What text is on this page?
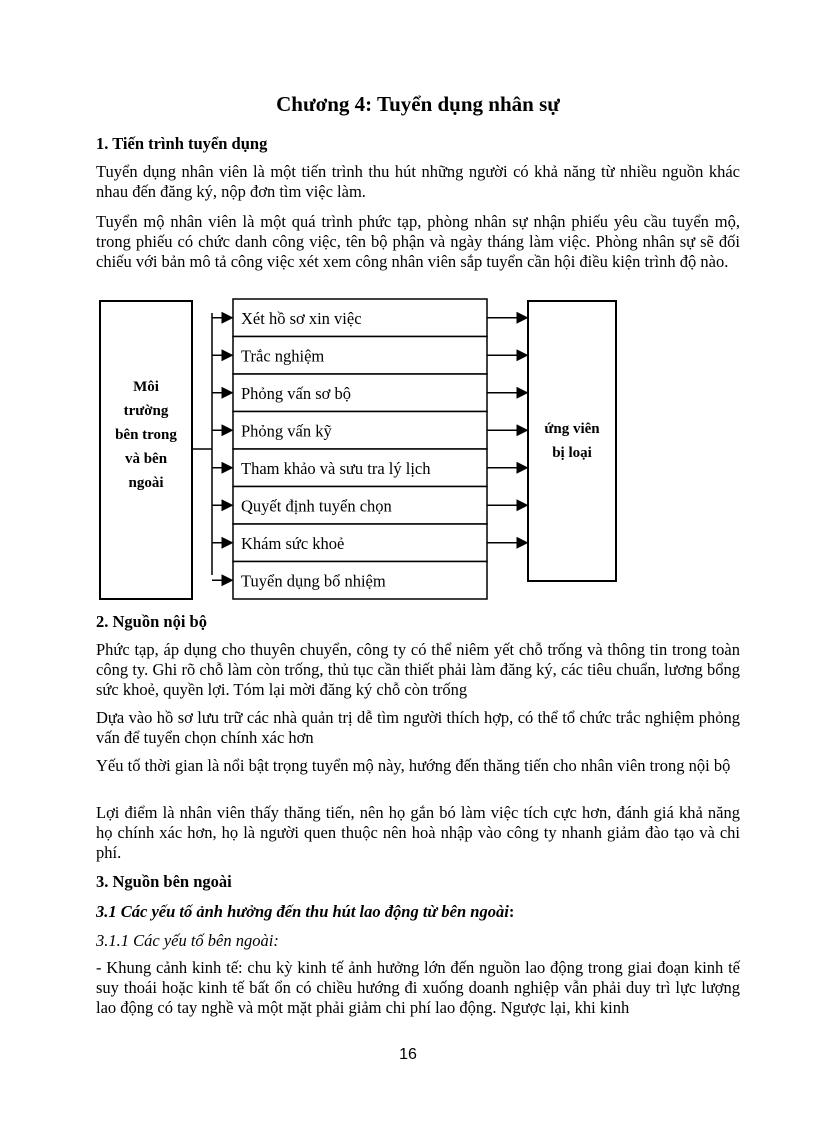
Chương 4: Tuyển dụng nhân sự
1. Tiến trình tuyển dụng
Tuyển dụng nhân viên là một tiến trình thu hút những người có khả năng từ nhiều nguồn khác nhau đến đăng ký, nộp đơn tìm việc làm.
Tuyển mộ nhân viên là một quá trình phức tạp, phòng nhân sự nhận phiếu yêu cầu tuyển mộ, trong phiếu có chức danh công việc, tên bộ phận và ngày tháng làm việc. Phòng nhân sự sẽ đối chiếu với bản mô tả công việc xét xem công nhân viên sắp tuyển cần hội điều kiện trình độ nào.
Môi
trường
bên trong
và bên
ngoài
Xét hồ sơ xin việc
Trắc nghiệm
Phỏng vấn sơ bộ
Phỏng vấn kỹ
Tham khảo và sưu tra lý lịch
Quyết định tuyển chọn
Khám sức khoẻ
Tuyển dụng bổ nhiệm
ứng viên
bị loại
2. Nguồn nội bộ
Phức tạp, áp dụng cho thuyên chuyển, công ty có thể niêm yết chỗ trống và thông tin trong toàn công ty. Ghi rõ chỗ làm còn trống, thủ tục cần thiết phải làm đăng ký, các tiêu chuẩn, lương bổng sức khoẻ, quyền lợi. Tóm lại mời đăng ký chỗ còn trống
Dựa vào hồ sơ lưu trữ các nhà quản trị dễ tìm người thích hợp, có thể tổ chức trắc nghiệm phỏng vấn để tuyển chọn chính xác hơn
Yếu tố thời gian là nổi bật trọng tuyển mộ này, hướng đến thăng tiến cho nhân viên trong nội bộ
Lợi điểm là nhân viên thấy thăng tiến, nên họ gắn bó làm việc tích cực hơn, đánh giá khả năng họ chính xác hơn, họ là người quen thuộc nên hoà nhập vào công ty nhanh giảm đào tạo và chi phí.
3. Nguồn bên ngoài
3.1 Các yếu tố ảnh hưởng đến thu hút lao động từ bên ngoài:
3.1.1 Các yếu tố bên ngoài:
- Khung cảnh kinh tế: chu kỳ kinh tế ảnh hưởng lớn đến nguồn lao động trong giai đoạn kinh tế suy thoái hoặc kinh tế bất ổn có chiều hướng đi xuống doanh nghiệp vẫn phải duy trì lực lượng lao động có tay nghề và một mặt phải giảm chi phí lao động. Ngược lại, khi kinh
16
